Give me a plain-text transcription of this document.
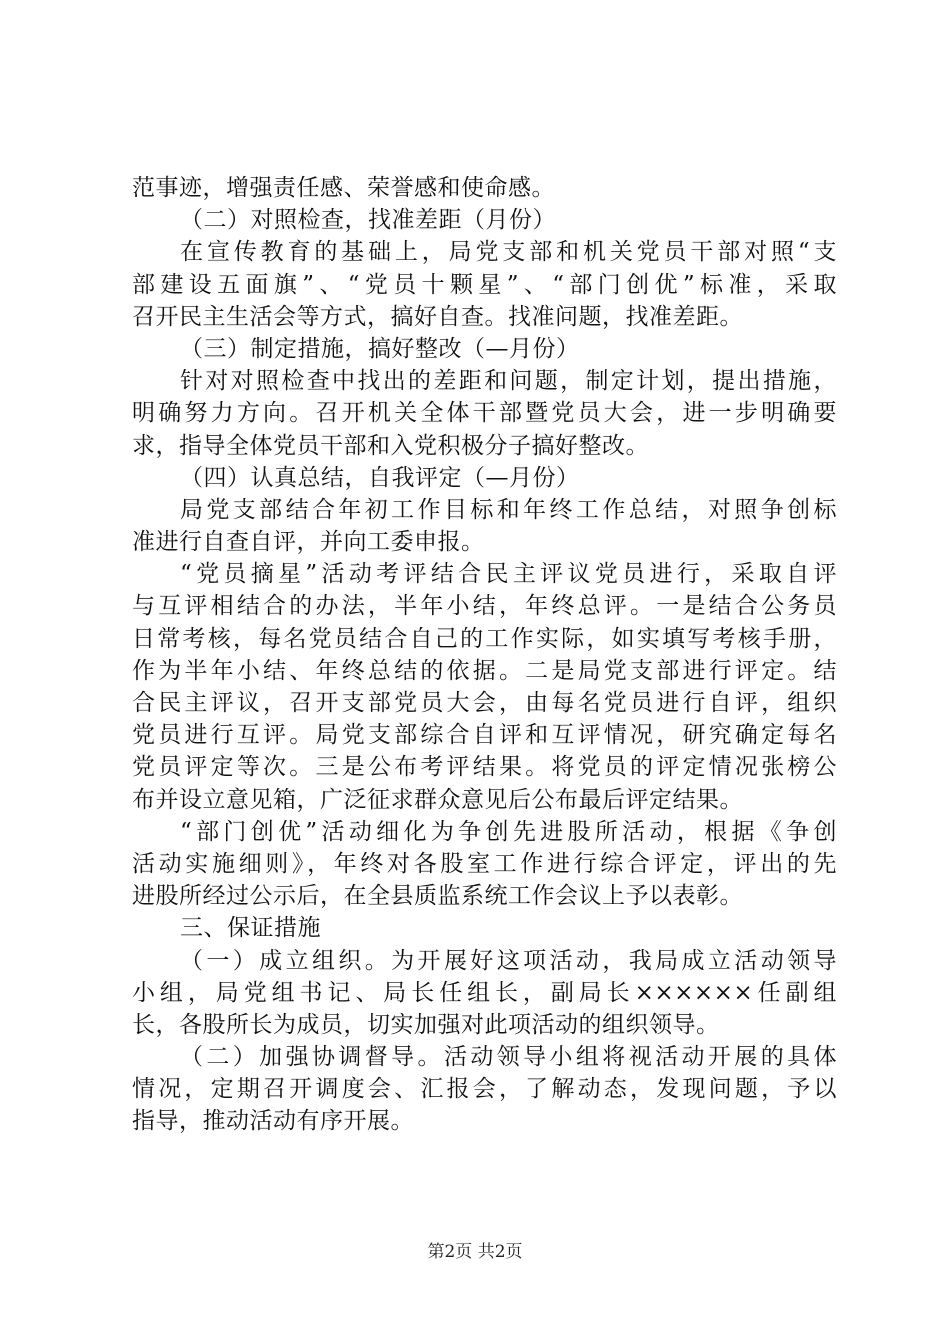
范事迹，增强责任感、荣誉感和使命感。
（二）对照检查，找准差距（月份）
在宣传教育的基础上，局党支部和机关党员干部对照“支
部建设五面旗”、“党员十颗星”、“部门创优”标准，采取
召开民主生活会等方式，搞好自查。找准问题，找准差距。
（三）制定措施，搞好整改（—月份）
针对对照检查中找出的差距和问题，制定计划，提出措施，
明确努力方向。召开机关全体干部暨党员大会，进一步明确要
求，指导全体党员干部和入党积极分子搞好整改。
（四）认真总结，自我评定（—月份）
局党支部结合年初工作目标和年终工作总结，对照争创标
准进行自查自评，并向工委申报。
“党员摘星”活动考评结合民主评议党员进行，采取自评
与互评相结合的办法，半年小结，年终总评。一是结合公务员
日常考核，每名党员结合自己的工作实际，如实填写考核手册，
作为半年小结、年终总结的依据。二是局党支部进行评定。结
合民主评议，召开支部党员大会，由每名党员进行自评，组织
党员进行互评。局党支部综合自评和互评情况，研究确定每名
党员评定等次。三是公布考评结果。将党员的评定情况张榜公
布并设立意见箱，广泛征求群众意见后公布最后评定结果。
“部门创优”活动细化为争创先进股所活动，根据《争创
活动实施细则》，年终对各股室工作进行综合评定，评出的先
进股所经过公示后，在全县质监系统工作会议上予以表彰。
三、保证措施
（一）成立组织。为开展好这项活动，我局成立活动领导
小组，局党组书记、局长任组长，副局长××××××任副组
长，各股所长为成员，切实加强对此项活动的组织领导。
（二）加强协调督导。活动领导小组将视活动开展的具体
情况，定期召开调度会、汇报会，了解动态，发现问题，予以
指导，推动活动有序开展。
第2页 共2页
